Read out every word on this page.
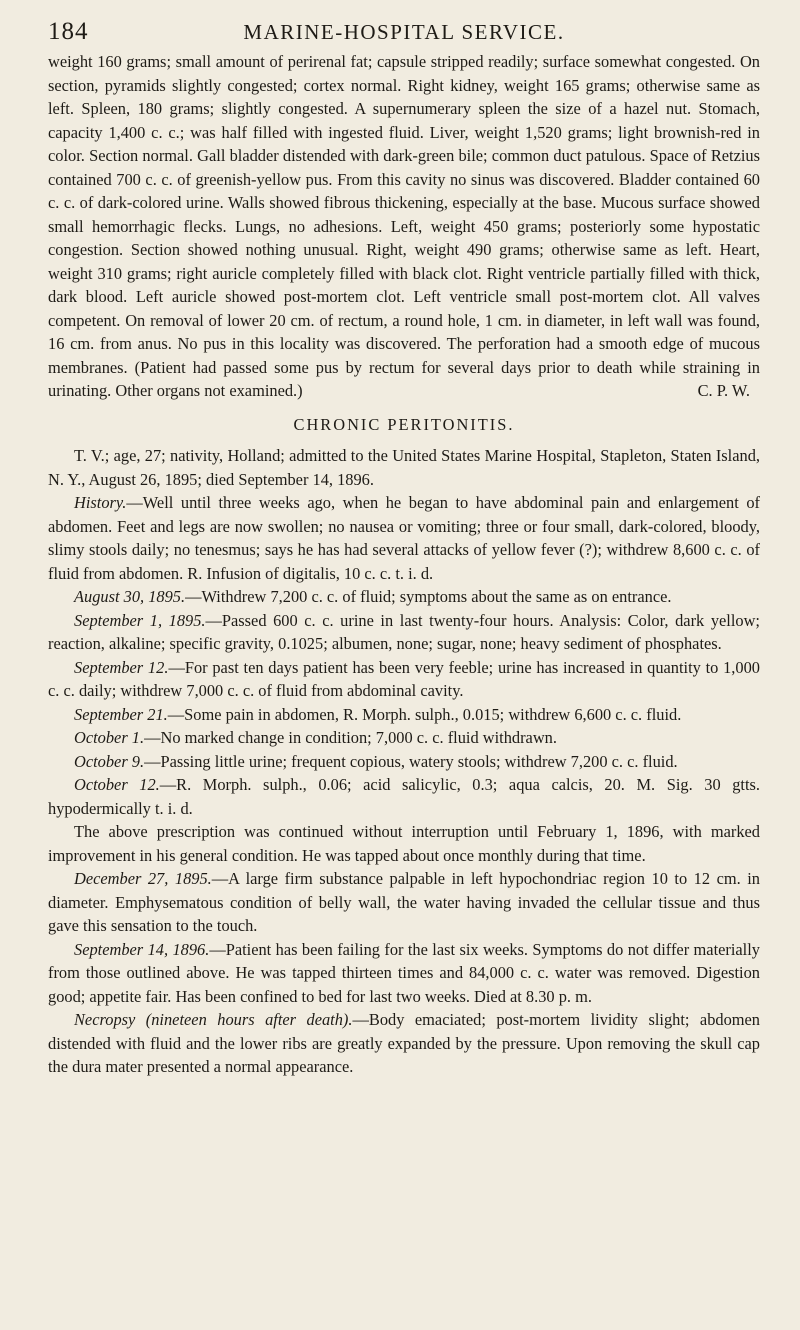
184	MARINE-HOSPITAL SERVICE.

weight 160 grams; small amount of perirenal fat; capsule stripped readily; surface somewhat congested. On section, pyramids slightly congested; cortex normal. Right kidney, weight 165 grams; otherwise same as left. Spleen, 180 grams; slightly congested. A supernumerary spleen the size of a hazel nut. Stomach, capacity 1,400 c. c.; was half filled with ingested fluid. Liver, weight 1,520 grams; light brownish-red in color. Section normal. Gall bladder distended with dark-green bile; common duct patulous. Space of Retzius contained 700 c. c. of greenish-yellow pus. From this cavity no sinus was discovered. Bladder contained 60 c. c. of dark-colored urine. Walls showed fibrous thickening, especially at the base. Mucous surface showed small hemorrhagic flecks. Lungs, no adhesions. Left, weight 450 grams; posteriorly some hypostatic congestion. Section showed nothing unusual. Right, weight 490 grams; otherwise same as left. Heart, weight 310 grams; right auricle completely filled with black clot. Right ventricle partially filled with thick, dark blood. Left auricle showed post-mortem clot. Left ventricle small post-mortem clot. All valves competent. On removal of lower 20 cm. of rectum, a round hole, 1 cm. in diameter, in left wall was found, 16 cm. from anus. No pus in this locality was discovered. The perforation had a smooth edge of mucous membranes. (Patient had passed some pus by rectum for several days prior to death while straining in urinating. Other organs not examined.)	C. P. W.
CHRONIC PERITONITIS.

T. V.; age, 27; nativity, Holland; admitted to the United States Marine Hospital, Stapleton, Staten Island, N. Y., August 26, 1895; died September 14, 1896.

History.—Well until three weeks ago, when he began to have abdominal pain and enlargement of abdomen. Feet and legs are now swollen; no nausea or vomiting; three or four small, dark-colored, bloody, slimy stools daily; no tenesmus; says he has had several attacks of yellow fever (?); withdrew 8,600 c. c. of fluid from abdomen. R. Infusion of digitalis, 10 c. c. t. i. d.

August 30, 1895.—Withdrew 7,200 c. c. of fluid; symptoms about the same as on entrance.

September 1, 1895.—Passed 600 c. c. urine in last twenty-four hours. Analysis: Color, dark yellow; reaction, alkaline; specific gravity, 0.1025; albumen, none; sugar, none; heavy sediment of phosphates.

September 12.—For past ten days patient has been very feeble; urine has increased in quantity to 1,000 c. c. daily; withdrew 7,000 c. c. of fluid from abdominal cavity.

September 21.—Some pain in abdomen, R. Morph. sulph., 0.015; withdrew 6,600 c. c. fluid.

October 1.—No marked change in condition; 7,000 c. c. fluid withdrawn.

October 9.—Passing little urine; frequent copious, watery stools; withdrew 7,200 c. c. fluid.

October 12.—R. Morph. sulph., 0.06; acid salicylic, 0.3; aqua calcis, 20. M. Sig. 30 gtts. hypodermically t. i. d.

The above prescription was continued without interruption until February 1, 1896, with marked improvement in his general condition. He was tapped about once monthly during that time.

December 27, 1895.—A large firm substance palpable in left hypochondriac region 10 to 12 cm. in diameter. Emphysematous condition of belly wall, the water having invaded the cellular tissue and thus gave this sensation to the touch.

September 14, 1896.—Patient has been failing for the last six weeks. Symptoms do not differ materially from those outlined above. He was tapped thirteen times and 84,000 c. c. water was removed. Digestion good; appetite fair. Has been confined to bed for last two weeks. Died at 8.30 p. m.

Necropsy (nineteen hours after death).—Body emaciated; post-mortem lividity slight; abdomen distended with fluid and the lower ribs are greatly expanded by the pressure. Upon removing the skull cap the dura mater presented a normal appearance.
